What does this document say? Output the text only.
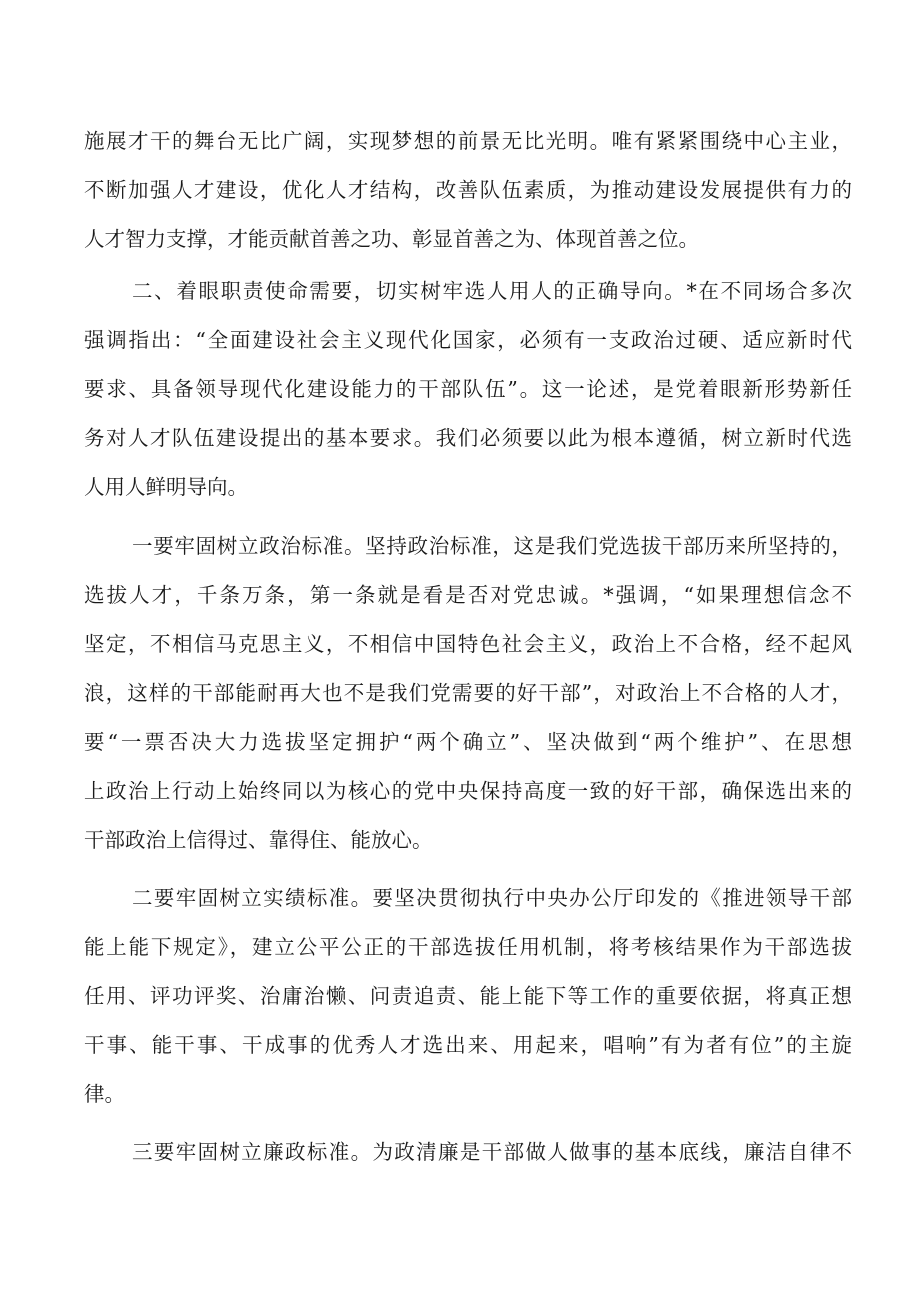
施展才干的舞台无比广阔，实现梦想的前景无比光明。唯有紧紧围绕中心主业，
不断加强人才建设，优化人才结构，改善队伍素质，为推动建设发展提供有力的
人才智力支撑，才能贡献首善之功、彰显首善之为、体现首善之位。
二、着眼职责使命需要，切实树牢选人用人的正确导向。*在不同场合多次
强调指出：“全面建设社会主义现代化国家，必须有一支政治过硬、适应新时代
要求、具备领导现代化建设能力的干部队伍”。这一论述，是党着眼新形势新任
务对人才队伍建设提出的基本要求。我们必须要以此为根本遵循，树立新时代选
人用人鲜明导向。
一要牢固树立政治标准。坚持政治标准，这是我们党选拔干部历来所坚持的，
选拔人才，千条万条，第一条就是看是否对党忠诚。*强调，“如果理想信念不
坚定，不相信马克思主义，不相信中国特色社会主义，政治上不合格，经不起风
浪，这样的干部能耐再大也不是我们党需要的好干部”，对政治上不合格的人才，
要“一票否决大力选拔坚定拥护“两个确立”、坚决做到“两个维护”、在思想
上政治上行动上始终同以为核心的党中央保持高度一致的好干部，确保选出来的
干部政治上信得过、靠得住、能放心。
二要牢固树立实绩标准。要坚决贯彻执行中央办公厅印发的《推进领导干部
能上能下规定》，建立公平公正的干部选拔任用机制，将考核结果作为干部选拔
任用、评功评奖、治庸治懒、问责追责、能上能下等工作的重要依据，将真正想
干事、能干事、干成事的优秀人才选出来、用起来，唱响”有为者有位”的主旋
律。
三要牢固树立廉政标准。为政清廉是干部做人做事的基本底线，廉洁自律不
